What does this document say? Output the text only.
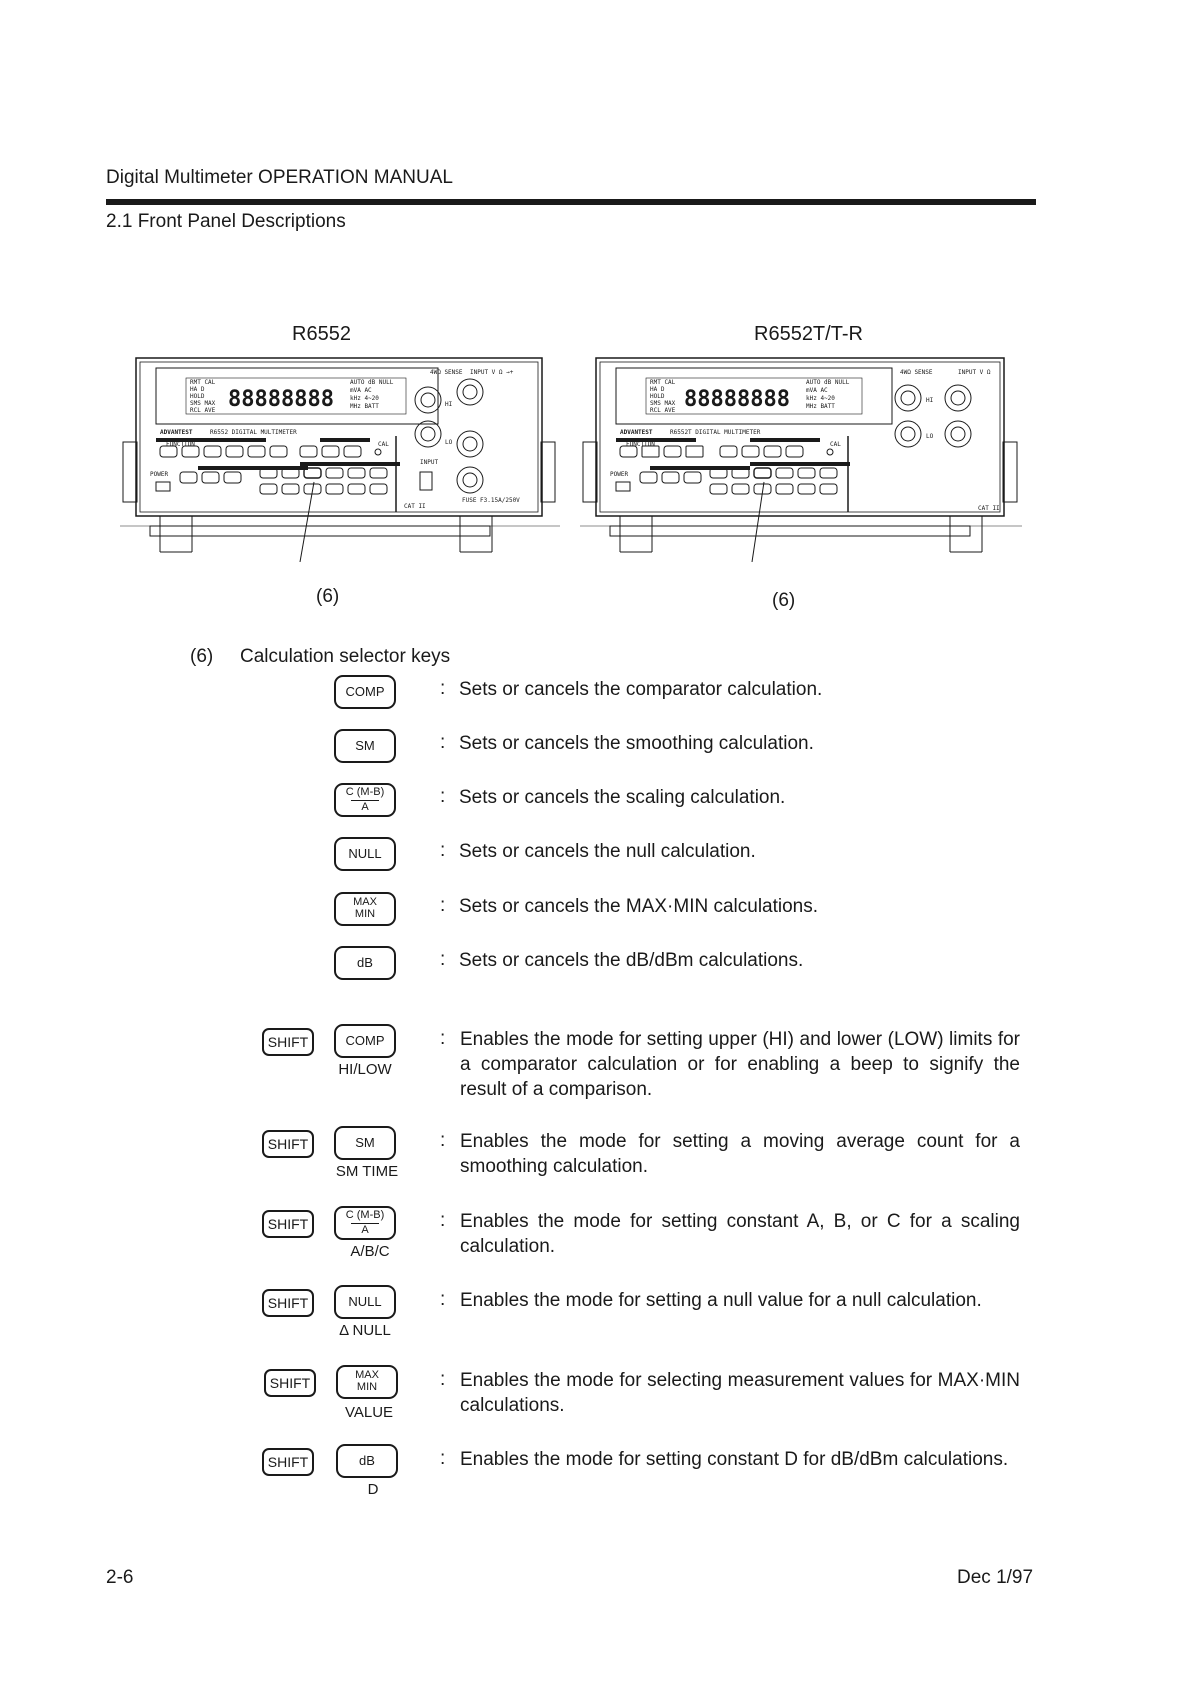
Digital Multimeter OPERATION MANUAL
2.1 Front Panel Descriptions
R6552	R6552T/T-R
88888888
RMT CAL
HA D
HOLD
SMS MAX
RCL AVE
AUTO dB NULL
mVA AC
kHz 4~20
MHz BATT
ADVANTEST	R6552 DIGITAL MULTIMETER
FUNCTION	CAL
POWER
4WΩ SENSE INPUT V Ω →+
HI
LO
INPUT
FUSE F3.15A/250V
CAT II
88888888
RMT CAL
HA D
HOLD
SMS MAX
RCL AVE
AUTO dB NULL
mVA AC
kHz 4~20
MHz BATT
ADVANTEST	R6552T DIGITAL MULTIMETER
FUNCTION	CAL
POWER
4WΩ SENSE	INPUT V Ω
HI
LO
CAT II
(6)	(6)
(6) Calculation selector keys
COMP	: Sets or cancels the comparator calculation.
SM	: Sets or cancels the smoothing calculation.
C (M-B)
A	: Sets or cancels the scaling calculation.
NULL	: Sets or cancels the null calculation.
MAX
MIN	: Sets or cancels the MAX·MIN calculations.
dB	: Sets or cancels the dB/dBm calculations.
SHIFT	COMP
HI/LOW
: Enables the mode for setting upper (HI) and lower (LOW) limits for a comparator calculation or for enabling a beep to signify the result of a comparison.
SHIFT	SM
SM TIME
: Enables the mode for setting a moving average count for a smoothing calculation.
SHIFT
C (M-B)
A
A/B/C
: Enables the mode for setting constant A, B, or C for a scaling calculation.
SHIFT	NULL
Δ NULL
: Enables the mode for setting a null value for a null calculation.
SHIFT	MAX
MIN
VALUE
: Enables the mode for selecting measurement values for MAX·MIN calculations.
SHIFT	dB
D
: Enables the mode for setting constant D for dB/dBm calculations.
2-6	Dec 1/97
